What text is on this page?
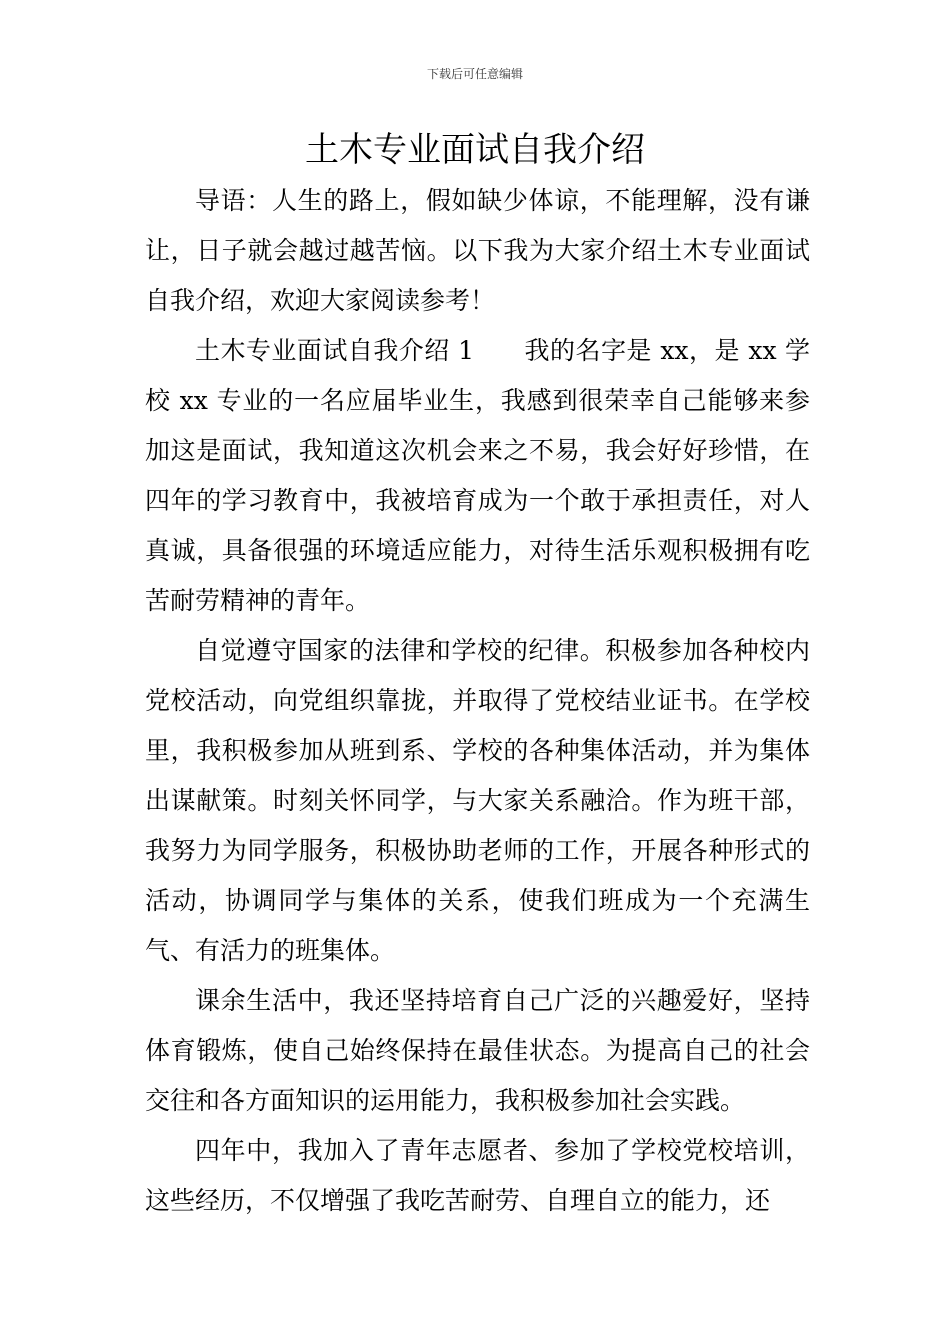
下载后可任意编辑
土木专业面试自我介绍

导语：人生的路上，假如缺少体谅，不能理解，没有谦让，日子就会越过越苦恼。以下我为大家介绍土木专业面试自我介绍，欢迎大家阅读参考！

土木专业面试自我介绍 1 我的名字是 xx，是 xx 学校 xx 专业的一名应届毕业生，我感到很荣幸自己能够来参加这是面试，我知道这次机会来之不易，我会好好珍惜，在四年的学习教育中，我被培育成为一个敢于承担责任，对人真诚，具备很强的环境适应能力，对待生活乐观积极拥有吃苦耐劳精神的青年。

自觉遵守国家的法律和学校的纪律。积极参加各种校内党校活动，向党组织靠拢，并取得了党校结业证书。在学校里，我积极参加从班到系、学校的各种集体活动，并为集体出谋献策。时刻关怀同学，与大家关系融洽。作为班干部，我努力为同学服务，积极协助老师的工作，开展各种形式的活动，协调同学与集体的关系，使我们班成为一个充满生气、有活力的班集体。

课余生活中，我还坚持培育自己广泛的兴趣爱好，坚持体育锻炼，使自己始终保持在最佳状态。为提高自己的社会交往和各方面知识的运用能力，我积极参加社会实践。

四年中，我加入了青年志愿者、参加了学校党校培训，这些经历，不仅增强了我吃苦耐劳、自理自立的能力，还
